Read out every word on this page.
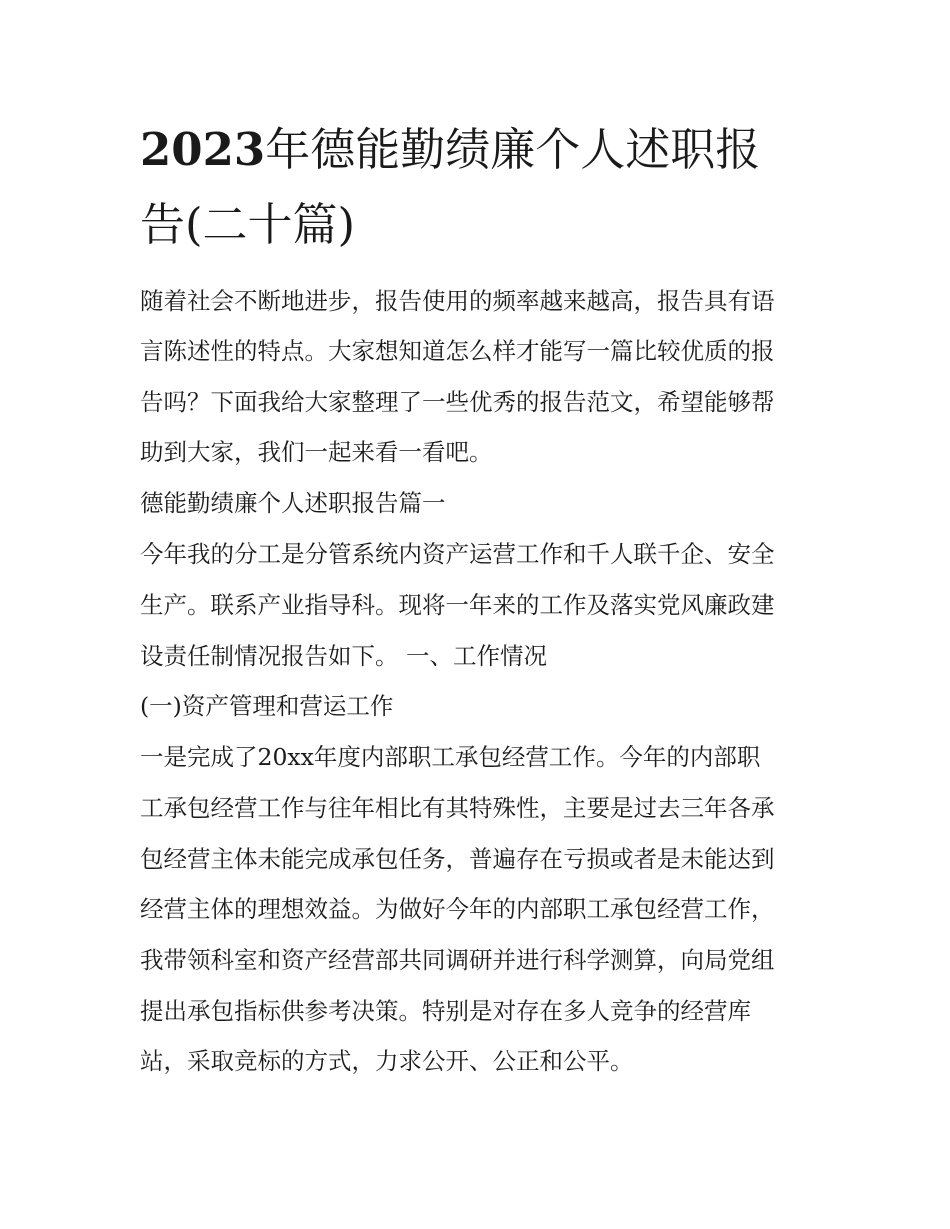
2023年德能勤绩廉个人述职报
告(二十篇)

随着社会不断地进步，报告使用的频率越来越高，报告具有语

言陈述性的特点。大家想知道怎么样才能写一篇比较优质的报

告吗？下面我给大家整理了一些优秀的报告范文，希望能够帮

助到大家，我们一起来看一看吧。

德能勤绩廉个人述职报告篇一

今年我的分工是分管系统内资产运营工作和千人联千企、安全

生产。联系产业指导科。现将一年来的工作及落实党风廉政建

设责任制情况报告如下。 一、工作情况

(一)资产管理和营运工作

一是完成了20xx年度内部职工承包经营工作。今年的内部职

工承包经营工作与往年相比有其特殊性，主要是过去三年各承

包经营主体未能完成承包任务，普遍存在亏损或者是未能达到

经营主体的理想效益。为做好今年的内部职工承包经营工作，

我带领科室和资产经营部共同调研并进行科学测算，向局党组

提出承包指标供参考决策。特别是对存在多人竞争的经营库

站，采取竞标的方式，力求公开、公正和公平。
